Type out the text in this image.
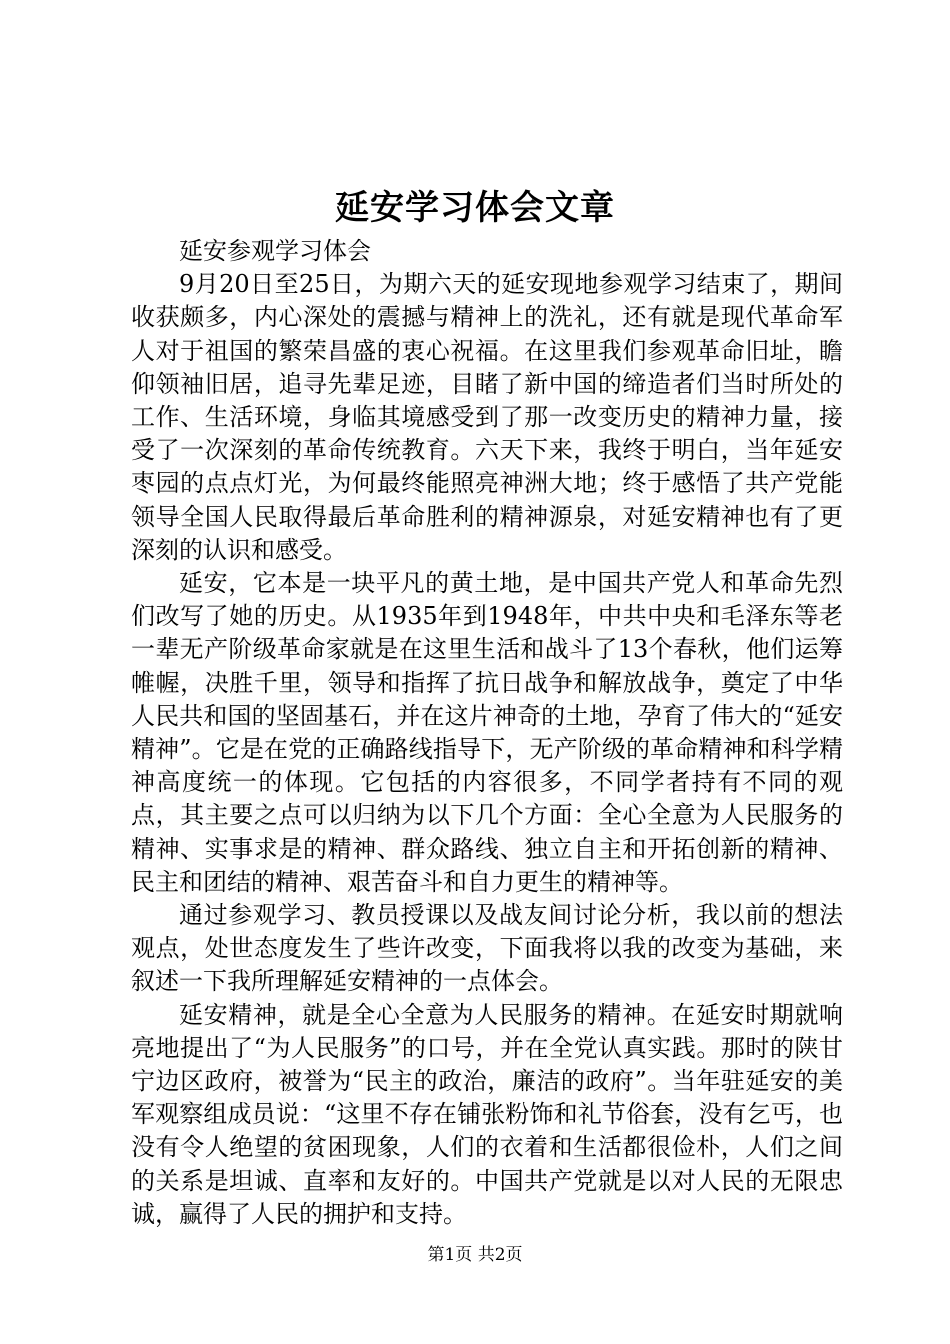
延安学习体会文章

延安参观学习体会

9月20日至25日，为期六天的延安现地参观学习结束了，期间收获颇多，内心深处的震撼与精神上的洗礼，还有就是现代革命军人对于祖国的繁荣昌盛的衷心祝福。在这里我们参观革命旧址，瞻仰领袖旧居，追寻先辈足迹，目睹了新中国的缔造者们当时所处的工作、生活环境，身临其境感受到了那一改变历史的精神力量，接受了一次深刻的革命传统教育。六天下来，我终于明白，当年延安枣园的点点灯光，为何最终能照亮神洲大地；终于感悟了共产党能领导全国人民取得最后革命胜利的精神源泉，对延安精神也有了更深刻的认识和感受。

延安，它本是一块平凡的黄土地，是中国共产党人和革命先烈们改写了她的历史。从1935年到1948年，中共中央和毛泽东等老一辈无产阶级革命家就是在这里生活和战斗了13个春秋，他们运筹帷幄，决胜千里，领导和指挥了抗日战争和解放战争，奠定了中华人民共和国的坚固基石，并在这片神奇的土地，孕育了伟大的“延安精神”。它是在党的正确路线指导下，无产阶级的革命精神和科学精神高度统一的体现。它包括的内容很多，不同学者持有不同的观点，其主要之点可以归纳为以下几个方面：全心全意为人民服务的精神、实事求是的精神、群众路线、独立自主和开拓创新的精神、民主和团结的精神、艰苦奋斗和自力更生的精神等。

通过参观学习、教员授课以及战友间讨论分析，我以前的想法观点，处世态度发生了些许改变，下面我将以我的改变为基础，来叙述一下我所理解延安精神的一点体会。

延安精神，就是全心全意为人民服务的精神。在延安时期就响亮地提出了“为人民服务”的口号，并在全党认真实践。那时的陕甘宁边区政府，被誉为“民主的政治，廉洁的政府”。当年驻延安的美军观察组成员说：“这里不存在铺张粉饰和礼节俗套，没有乞丐，也没有令人绝望的贫困现象，人们的衣着和生活都很俭朴，人们之间的关系是坦诚、直率和友好的。中国共产党就是以对人民的无限忠诚，赢得了人民的拥护和支持。

第1页 共2页
